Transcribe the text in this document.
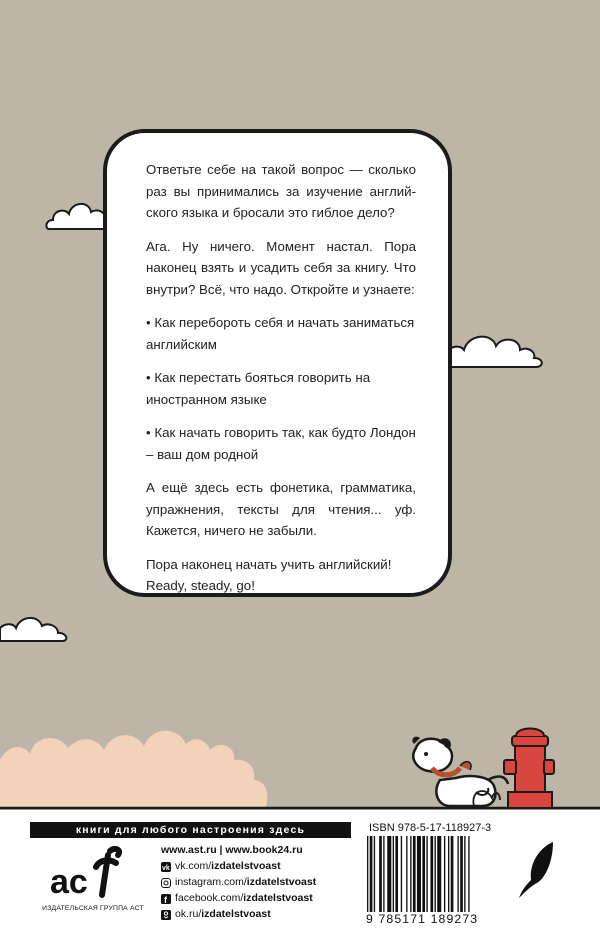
Ответьте себе на такой вопрос — сколько раз вы принимались за изучение английского языка и бросали это гиблое дело?

Ага. Ну ничего. Момент настал. Пора наконец взять и усадить себя за книгу. Что внутри? Всё, что надо. Откройте и узнаете:

• Как перебороть себя и начать заниматься английским

• Как перестать бояться говорить на иностранном языке

• Как начать говорить так, как будто Лондон – ваш дом родной

А ещё здесь есть фонетика, грамматика, упражнения, тексты для чтения... уф. Кажется, ничего не забыли.

Пора наконец начать учить английский!
Ready, steady, go!

книги для любого настроения здесь
ас
ИЗДАТЕЛЬСКАЯ ГРУППА АСТ
www.ast.ru | www.book24.ru
vk vk.com/izdatelstvoast
instagram.com/izdatelstvoast
f facebook.com/izdatelstvoast
ok.ru/izdatelstvoast
ISBN 978-5-17-118927-3
9 785171 189273
